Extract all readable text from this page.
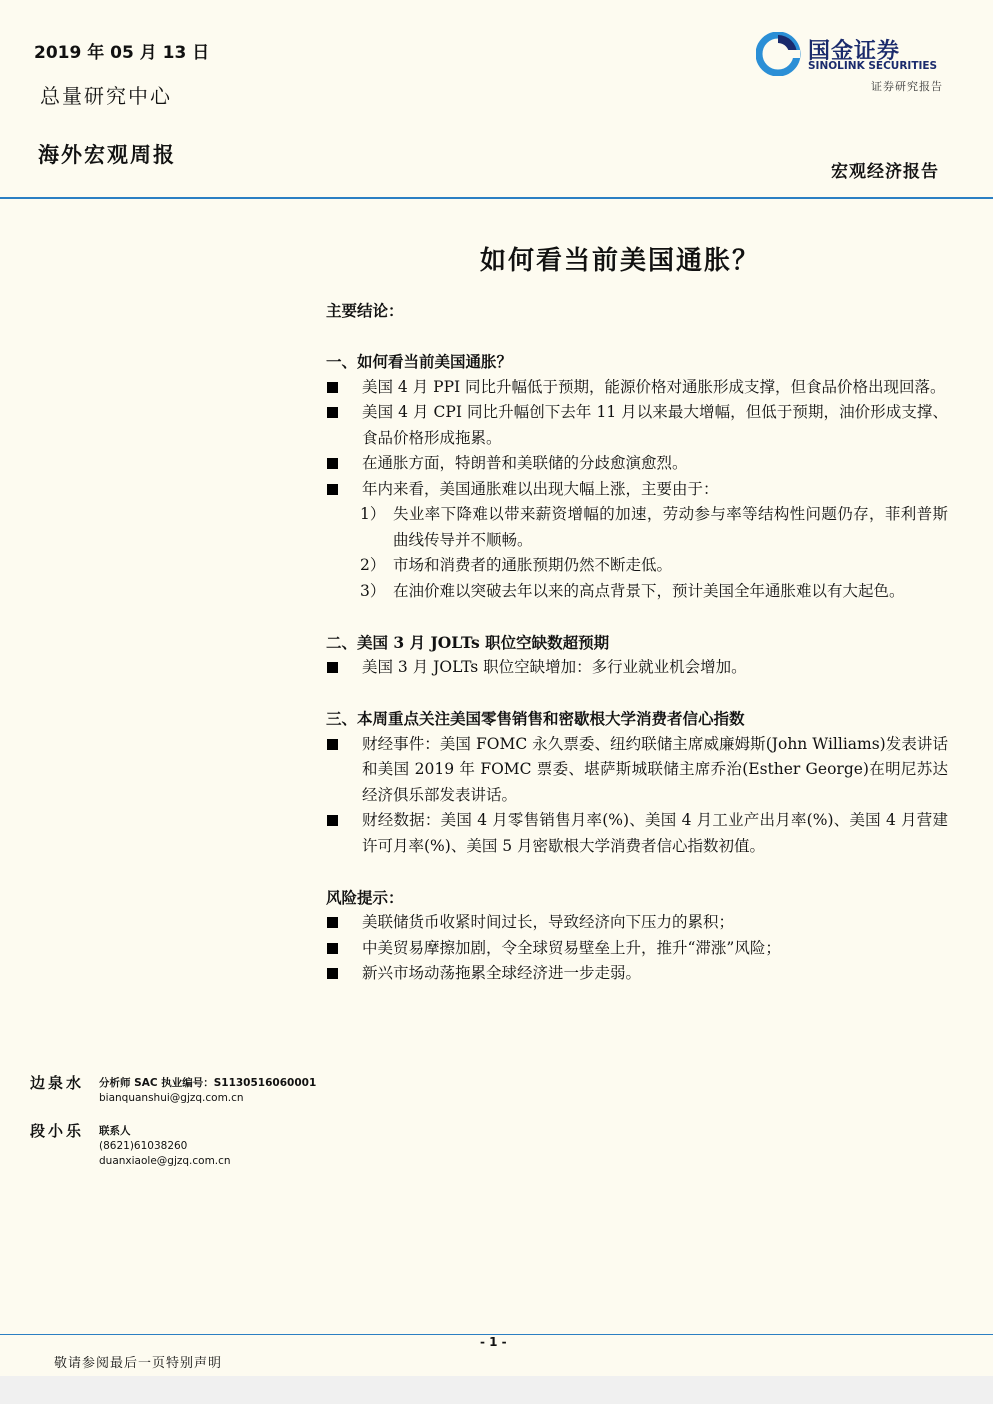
2019 年 05 月 13 日
总量研究中心
海外宏观周报
宏观经济报告
国金证券
SINOLINK SECURITIES
证券研究报告
如何看当前美国通胀？
主要结论：
一、如何看当前美国通胀？
美国 4 月 PPI 同比升幅低于预期，能源价格对通胀形成支撑，但食品价格出现回落。
美国 4 月 CPI 同比升幅创下去年 11 月以来最大增幅，但低于预期，油价形成支撑、食品价格形成拖累。
在通胀方面，特朗普和美联储的分歧愈演愈烈。
年内来看，美国通胀难以出现大幅上涨，主要由于：
1） 失业率下降难以带来薪资增幅的加速，劳动参与率等结构性问题仍存，菲利普斯曲线传导并不顺畅。
2） 市场和消费者的通胀预期仍然不断走低。
3） 在油价难以突破去年以来的高点背景下，预计美国全年通胀难以有大起色。
二、美国 3 月 JOLTs 职位空缺数超预期
美国 3 月 JOLTs 职位空缺增加：多行业就业机会增加。
三、本周重点关注美国零售销售和密歇根大学消费者信心指数
财经事件：美国 FOMC 永久票委、纽约联储主席威廉姆斯(John Williams)发表讲话和美国 2019 年 FOMC 票委、堪萨斯城联储主席乔治(Esther George)在明尼苏达经济俱乐部发表讲话。
财经数据：美国 4 月零售销售月率(%)、美国 4 月工业产出月率(%)、美国 4 月营建许可月率(%)、美国 5 月密歇根大学消费者信心指数初值。
风险提示：
美联储货币收紧时间过长，导致经济向下压力的累积；
中美贸易摩擦加剧，令全球贸易壁垒上升，推升“滞涨”风险；
新兴市场动荡拖累全球经济进一步走弱。
边泉水 分析师 SAC 执业编号：S1130516060001
bianquanshui@gjzq.com.cn
段小乐 联系人
(8621)61038260
duanxiaole@gjzq.com.cn
- 1 -
敬请参阅最后一页特别声明
